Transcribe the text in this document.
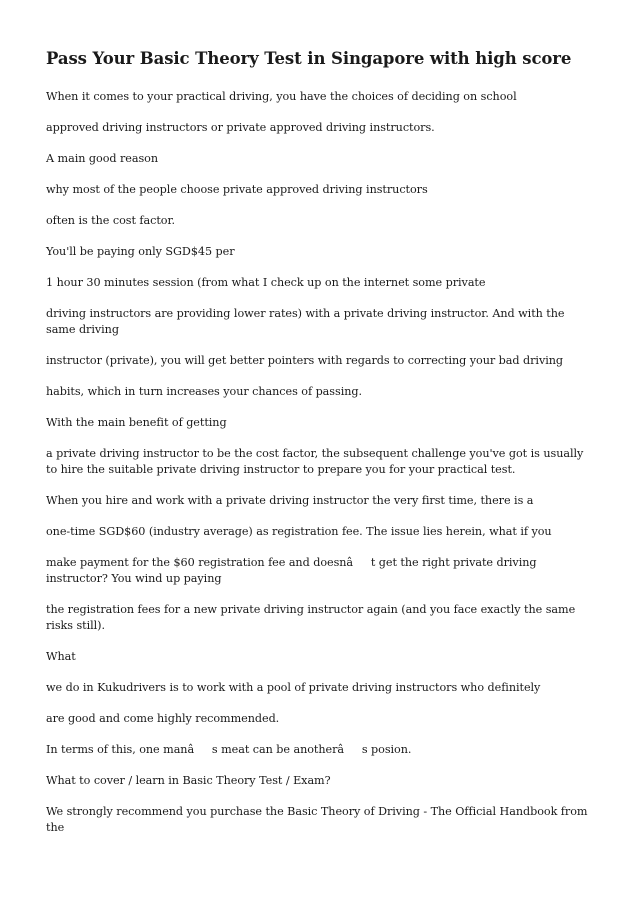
Pass Your Basic Theory Test in Singapore with high score

When it comes to your practical driving, you have the choices of deciding on school

approved driving instructors or private approved driving instructors.

A main good reason

why most of the people choose private approved driving instructors

often is the cost factor.

You'll be paying only SGD$45 per

1 hour 30 minutes session (from what I check up on the internet some private

driving instructors are providing lower rates) with a private driving instructor. And with the same driving

instructor (private), you will get better pointers with regards to correcting your bad driving

habits, which in turn increases your chances of passing.

With the main benefit of getting

a private driving instructor to be the cost factor, the subsequent challenge you've got is usually to hire the suitable private driving instructor to prepare you for your practical test.

When you hire and work with a private driving instructor the very first time, there is a

one-time SGD$60 (industry average) as registration fee. The issue lies herein, what if you

make payment for the $60 registration fee and doesnât get the right private driving instructor? You wind up paying

the registration fees for a new private driving instructor again (and you face exactly the same risks still).

What

we do in Kukudrivers is to work with a pool of private driving instructors who definitely

are good and come highly recommended.

In terms of this, one manâs meat can be anotherâs posion.

What to cover / learn in Basic Theory Test / Exam?

We strongly recommend you purchase the Basic Theory of Driving - The Official Handbook from the
